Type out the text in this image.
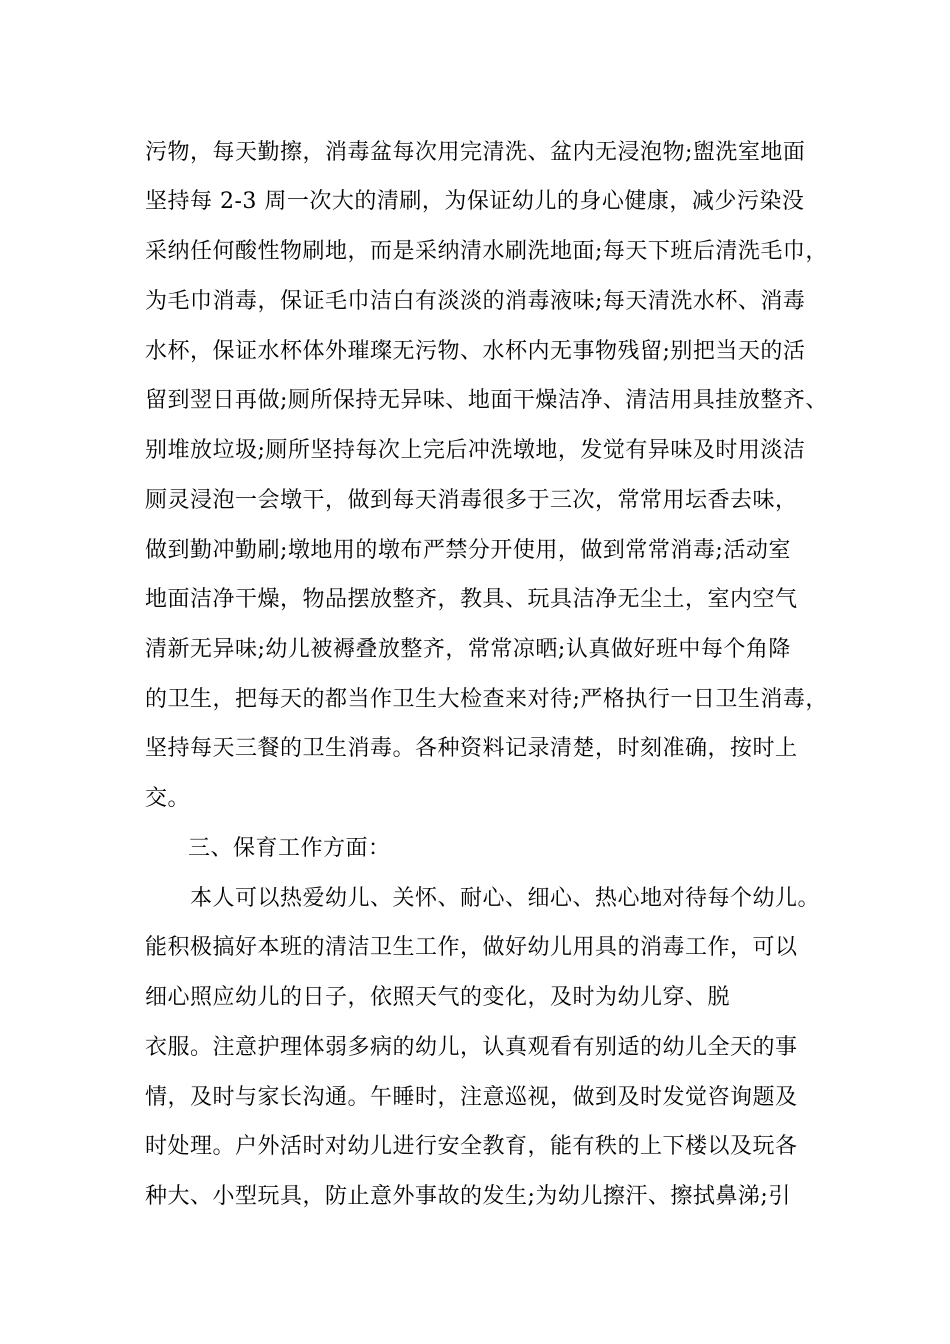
污物，每天勤擦，消毒盆每次用完清洗、盆内无浸泡物;盥洗室地面
坚持每 2-3 周一次大的清刷，为保证幼儿的身心健康，减少污染没
采纳任何酸性物刷地，而是采纳清水刷洗地面;每天下班后清洗毛巾，
为毛巾消毒，保证毛巾洁白有淡淡的消毒液味;每天清洗水杯、消毒
水杯，保证水杯体外璀璨无污物、水杯内无事物残留;别把当天的活
留到翌日再做;厕所保持无异味、地面干燥洁净、清洁用具挂放整齐、
别堆放垃圾;厕所坚持每次上完后冲洗墩地，发觉有异味及时用淡洁
厕灵浸泡一会墩干，做到每天消毒很多于三次，常常用坛香去味，
做到勤冲勤刷;墩地用的墩布严禁分开使用，做到常常消毒;活动室
地面洁净干燥，物品摆放整齐，教具、玩具洁净无尘土，室内空气
清新无异味;幼儿被褥叠放整齐，常常凉晒;认真做好班中每个角降
的卫生，把每天的都当作卫生大检查来对待;严格执行一日卫生消毒，
坚持每天三餐的卫生消毒。各种资料记录清楚，时刻准确，按时上
交。
三、保育工作方面：
本人可以热爱幼儿、关怀、耐心、细心、热心地对待每个幼儿。
能积极搞好本班的清洁卫生工作，做好幼儿用具的消毒工作，可以
细心照应幼儿的日子，依照天气的变化，及时为幼儿穿、脱
衣服。注意护理体弱多病的幼儿，认真观看有别适的幼儿全天的事
情，及时与家长沟通。午睡时，注意巡视，做到及时发觉咨询题及
时处理。户外活时对幼儿进行安全教育，能有秩的上下楼以及玩各
种大、小型玩具，防止意外事故的发生;为幼儿擦汗、擦拭鼻涕;引
